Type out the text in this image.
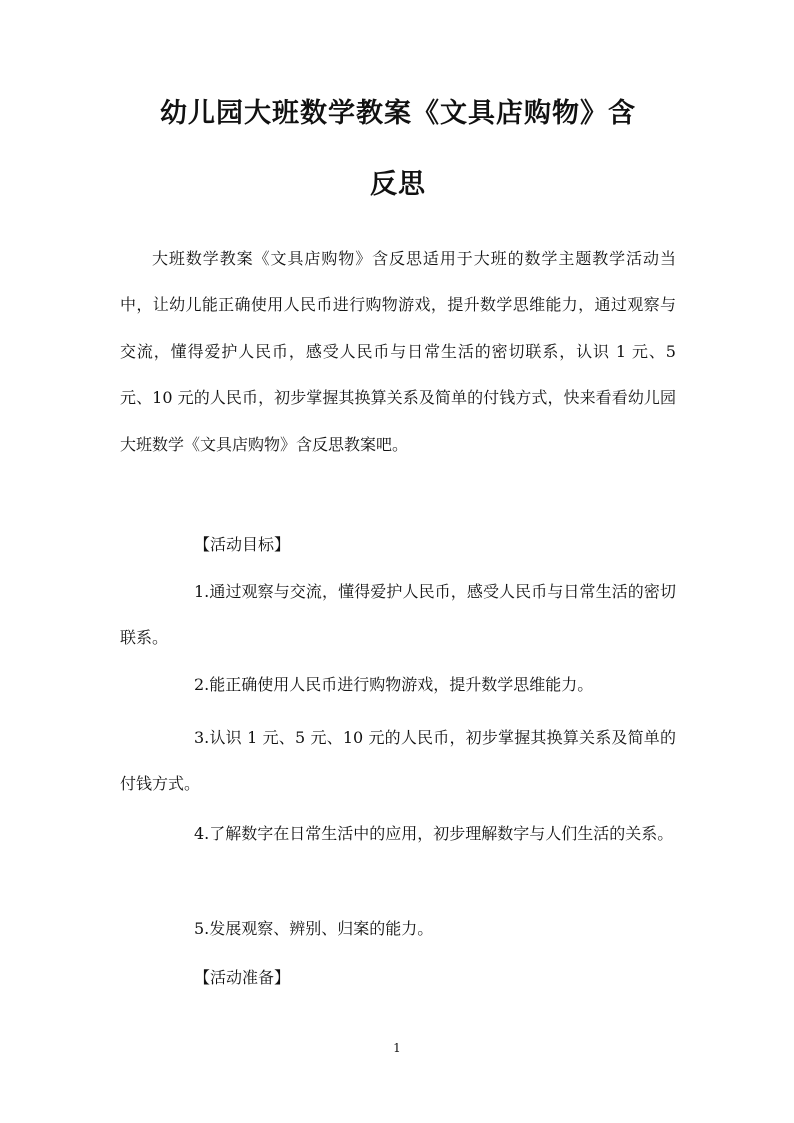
幼儿园大班数学教案《文具店购物》含
反思

大班数学教案《文具店购物》含反思适用于大班的数学主题教学活动当中，让幼儿能正确使用人民币进行购物游戏，提升数学思维能力，通过观察与交流，懂得爱护人民币，感受人民币与日常生活的密切联系，认识 1 元、5 元、10 元的人民币，初步掌握其换算关系及简单的付钱方式，快来看看幼儿园大班数学《文具店购物》含反思教案吧。

【活动目标】

1.通过观察与交流，懂得爱护人民币，感受人民币与日常生活的密切联系。

2.能正确使用人民币进行购物游戏，提升数学思维能力。

3.认识 1 元、5 元、10 元的人民币，初步掌握其换算关系及简单的付钱方式。

4.了解数字在日常生活中的应用，初步理解数字与人们生活的关系。

5.发展观察、辨别、归案的能力。

【活动准备】

1
